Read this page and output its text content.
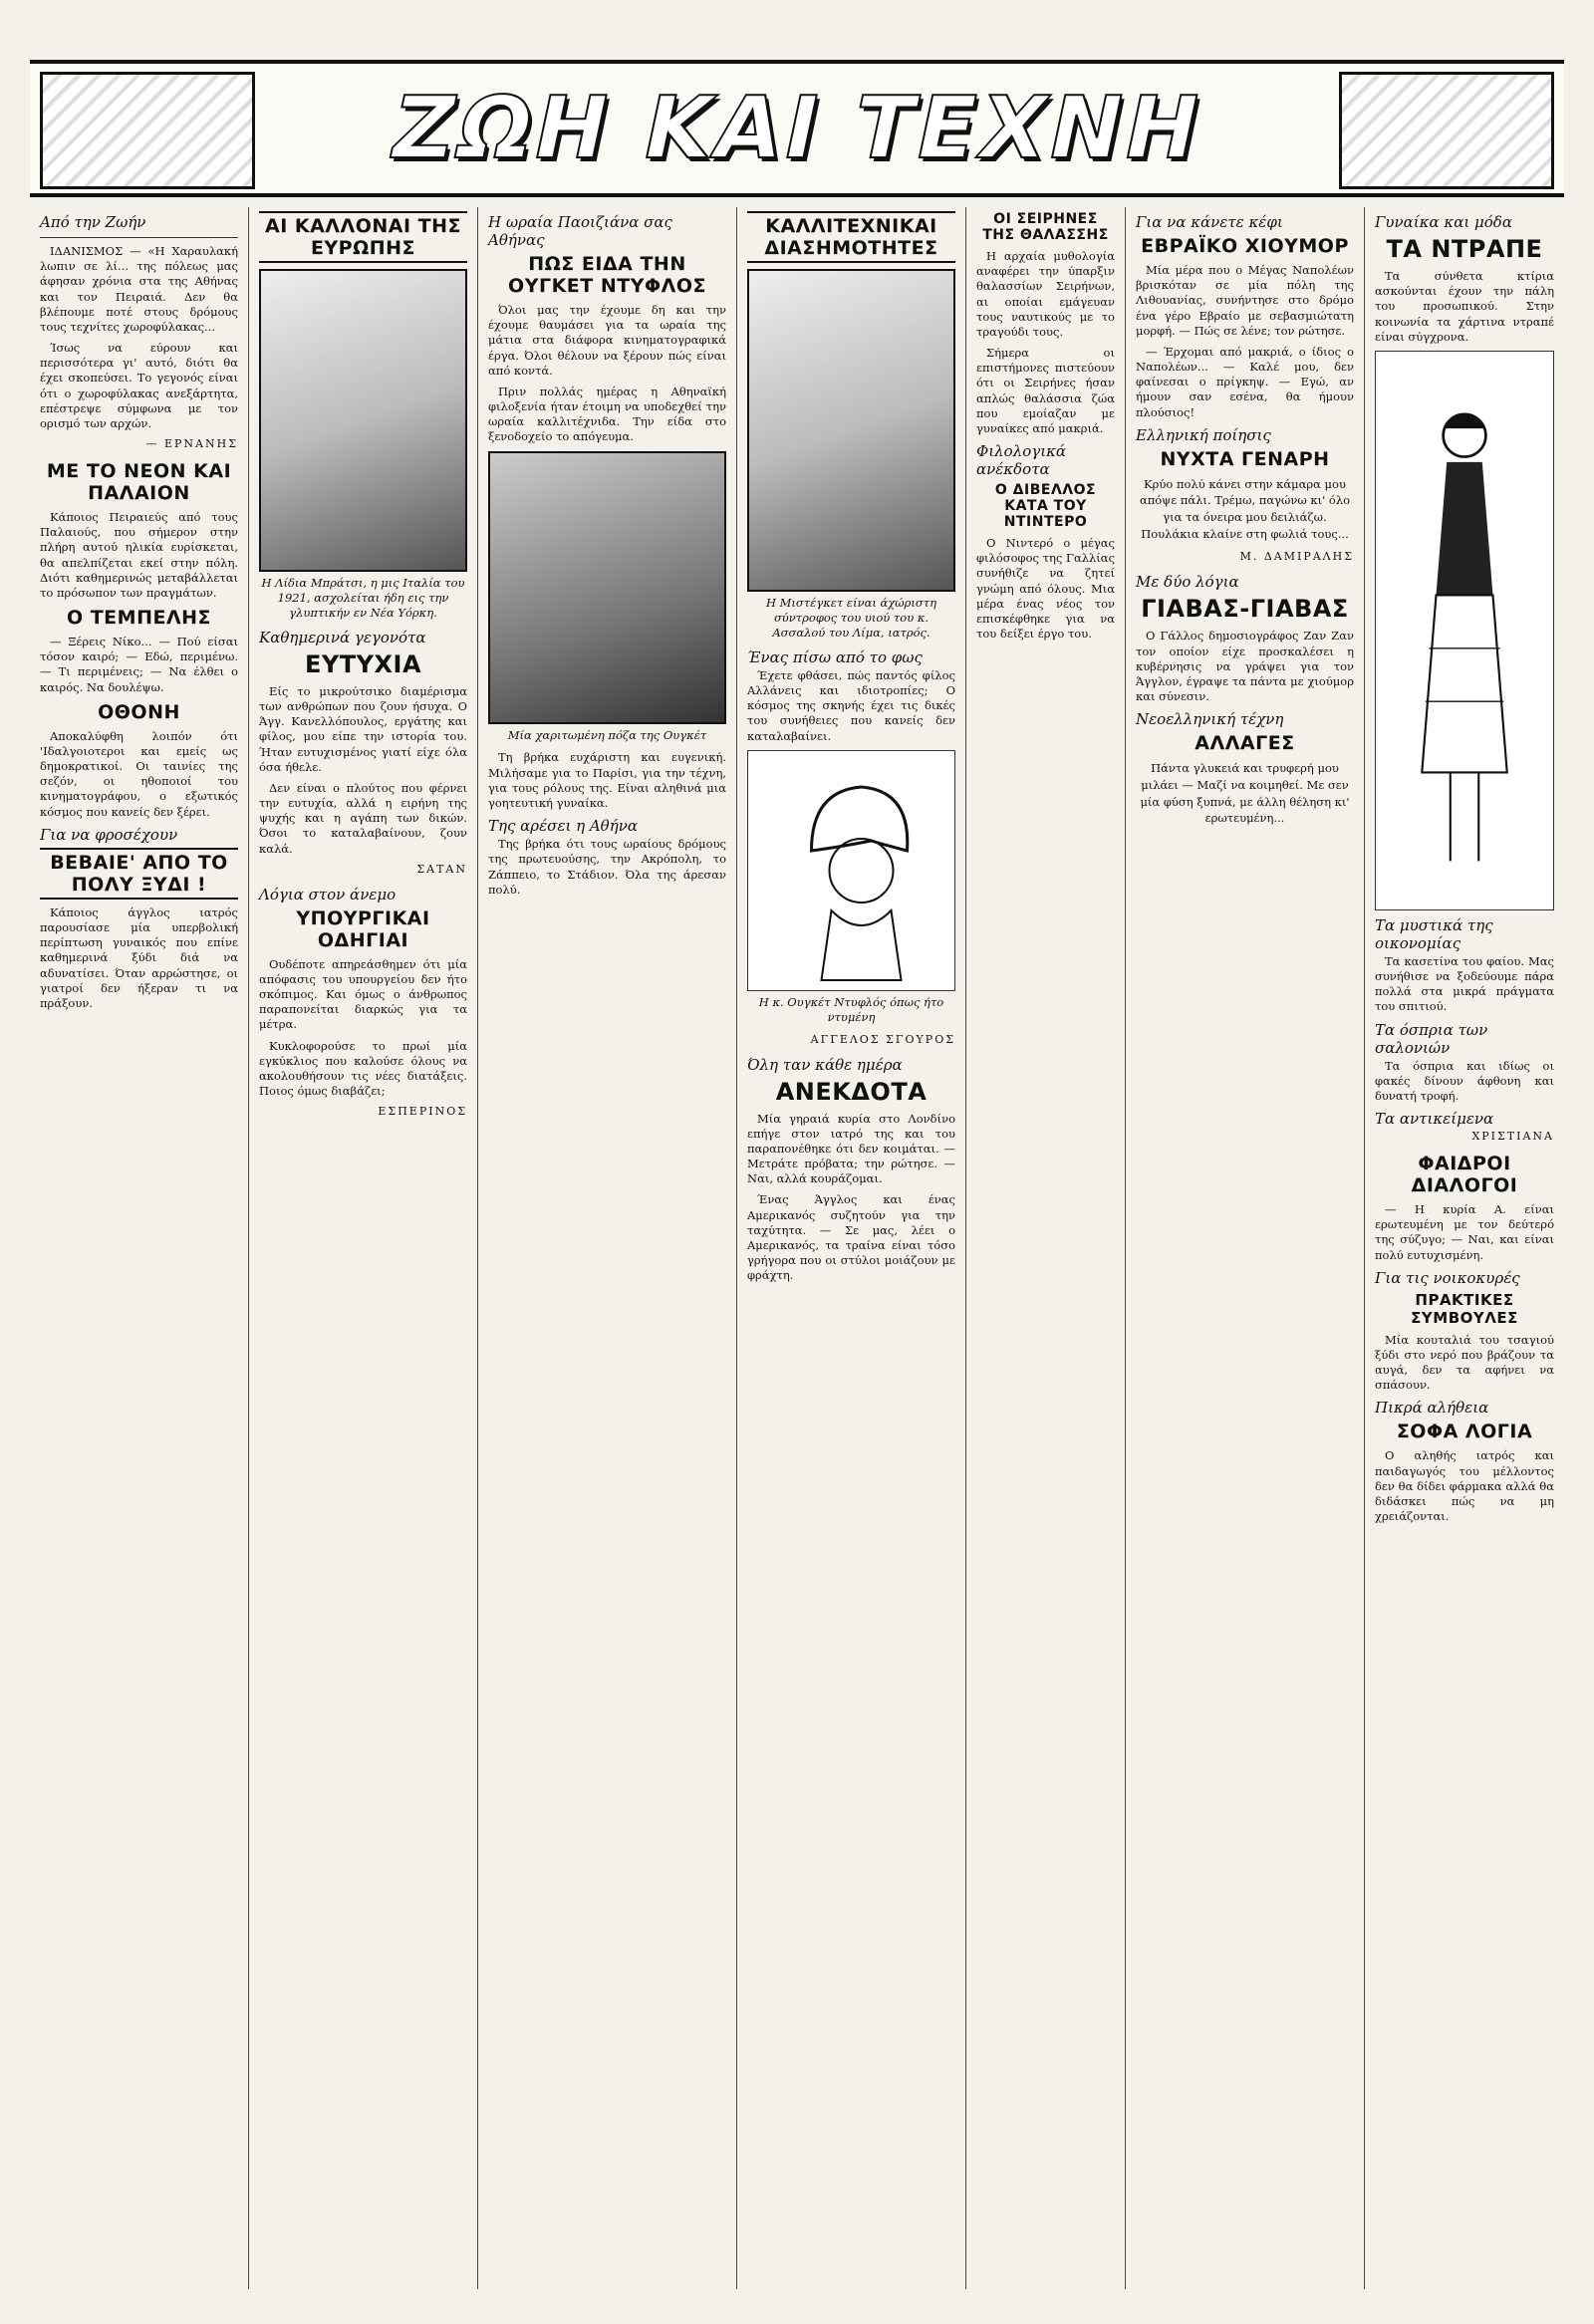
ΖΩΗ ΚΑΙ ΤΕΧΝΗ
Από την Ζωήν

ΙΔΑΝΙΣΜΟΣ — «Η Χαραυλακή λωπιν σε λί... της πόλεως μας άφησαν χρόνια στα της Αθήνας και τον Πειραιά. Δεν θα βλέπουμε ποτέ στους δρόμους τους τεχνίτες χωροφύλακας...

Ίσως να εύρουν και περισσότερα γι' αυτό, διότι θα έχει σκοπεύσει. Το γεγονός είναι ότι ο χωροφύλακας ανεξάρτητα, επέστρεψε σύμφωνα με τον ορισμό των αρχών.

— ΕΡΝΑΝΗΣ
ΜΕ ΤΟ ΝΕΟΝ ΚΑΙ ΠΑΛΑΙΟΝ

Κάποιος Πειραιεύς από τους Παλαιούς, που σήμερον στην πλήρη αυτού ηλικία ευρίσκεται, θα απελπίζεται εκεί στην πόλη. Διότι καθημερινώς μεταβάλλεται το πρόσωπον των πραγμάτων.

Ο ΤΕΜΠΕΛΗΣ

— Ξέρεις Νίκο... — Πού είσαι τόσον καιρό; — Εδώ, περιμένω. — Τι περιμένεις; — Να έλθει ο καιρός. Να δουλέψω.

ΟΘΟΝΗ

Αποκαλύφθη λοιπόν ότι 'Ιδαλγοιοτεροι και εμείς ως δημοκρατικοί. Οι ταινίες της σεζόν, οι ηθοποιοί του κινηματογράφου, ο εξωτικός κόσμος που κανείς δεν ξέρει.

Για να φροσέχουν
ΒΕΒΑΙΕ' ΑΠΟ ΤΟ ΠΟΛΥ ΞΥΔΙ !

Κάποιος άγγλος ιατρός παρουσίασε μία υπερβολική περίπτωση γυναικός που επίνε καθημερινά ξύδι διά να αδυνατίσει. Όταν αρρώστησε, οι γιατροί δεν ήξεραν τι να πράξουν.

ΑΙ ΚΑΛΛΟΝΑΙ ΤΗΣ ΕΥΡΩΠΗΣ
Η Λίδια Μπράτσι, η μις Ιταλία του 1921, ασχολείται ήδη εις την γλυπτικήν εν Νέα Υόρκη.
Καθημερινά γεγονότα
ΕΥΤΥΧΙΑ

Είς το μικρούτσικο διαμέρισμα των ανθρώπων που ζουν ήσυχα. Ο Άγγ. Κανελλόπουλος, εργάτης και φίλος, μου είπε την ιστορία του. Ήταν ευτυχισμένος γιατί είχε όλα όσα ήθελε.

Δεν είναι ο πλούτος που φέρνει την ευτυχία, αλλά η ειρήνη της ψυχής και η αγάπη των δικών. Όσοι το καταλαβαίνουν, ζουν καλά.

ΣΑΤΑΝ
Λόγια στον άνεμο
ΥΠΟΥΡΓΙΚΑΙ ΟΔΗΓΙΑΙ

Ουδέποτε απηρεάσθημεν ότι μία απόφασις του υπουργείου δεν ήτο σκόπιμος. Και όμως ο άνθρωπος παραπονείται διαρκώς για τα μέτρα.

Κυκλοφορούσε το πρωί μία εγκύκλιος που καλούσε όλους να ακολουθήσουν τις νέες διατάξεις. Ποιος όμως διαβάζει;

ΕΣΠΕΡΙΝΟΣ
Η ωραία Παοιζιάνα σας Αθήνας
ΠΩΣ ΕΙΔΑ ΤΗΝ ΟΥΓΚΕΤ ΝΤΥΦΛΟΣ

Όλοι μας την έχουμε δη και την έχουμε θαυμάσει για τα ωραία της μάτια στα διάφορα κινηματογραφικά έργα. Όλοι θέλουν να ξέρουν πώς είναι από κοντά.

Πριν πολλάς ημέρας η Αθηναϊκή φιλοξενία ήταν έτοιμη να υποδεχθεί την ωραία καλλιτέχνιδα. Την είδα στο ξενοδοχείο το απόγευμα.

Μία χαριτωμένη πόζα της Ουγκέτ

Τη βρήκα ευχάριστη και ευγενική. Μιλήσαμε για το Παρίσι, για την τέχνη, για τους ρόλους της. Είναι αληθινά μια γοητευτική γυναίκα.

Της αρέσει η Αθήνα

Της βρήκα ότι τους ωραίους δρόμους της πρωτευούσης, την Ακρόπολη, το Ζάππειο, το Στάδιον. Όλα της άρεσαν πολύ.

ΚΑΛΛΙΤΕΧΝΙΚΑΙ ΔΙΑΣΗΜΟΤΗΤΕΣ
Η Μιστέγκετ είναι άχώριστη σύντροφος του υιού του κ. Ασσαλού του Λίμα, ιατρός.
Ένας πίσω από το φως

Έχετε φθάσει, πώς παντός φίλος Αλλάνεις και ιδιοτροπίες; Ο κόσμος της σκηνής έχει τις δικές του συνήθειες που κανείς δεν καταλαβαίνει.

Η κ. Ουγκέτ Ντυφλός όπως ήτο ντυμένη
ΑΓΓΕΛΟΣ ΣΓΟΥΡΟΣ
Όλη ταν κάθε ημέρα
ΑΝΕΚΔΟΤΑ

Μία γηραιά κυρία στο Λονδίνο επήγε στον ιατρό της και του παραπονέθηκε ότι δεν κοιμάται. — Μετράτε πρόβατα; την ρώτησε. — Ναι, αλλά κουράζομαι.

Ένας Άγγλος και ένας Αμερικανός συζητούν για την ταχύτητα. — Σε μας, λέει ο Αμερικανός, τα τραίνα είναι τόσο γρήγορα που οι στύλοι μοιάζουν με φράχτη.

ΟΙ ΣΕΙΡΗΝΕΣ ΤΗΣ ΘΑΛΑΣΣΗΣ

Η αρχαία μυθολογία αναφέρει την ύπαρξιν θαλασσίων Σειρήνων, αι οποίαι εμάγευαν τους ναυτικούς με το τραγούδι τους.

Σήμερα οι επιστήμονες πιστεύουν ότι οι Σειρήνες ήσαν απλώς θαλάσσια ζώα που εμοίαζαν με γυναίκες από μακριά.

Φιλολογικά ανέκδοτα
Ο ΔΙΒΕΛΛΟΣ ΚΑΤΑ ΤΟΥ ΝΤΙΝΤΕΡΟ

Ο Νιντερό ο μέγας φιλόσοφος της Γαλλίας συνήθιζε να ζητεί γνώμη από όλους. Μια μέρα ένας νέος τον επισκέφθηκε για να του δείξει έργο του.

Για να κάνετε κέφι
ΕΒΡΑΪΚΟ ΧΙΟΥΜΟΡ

Μία μέρα που ο Μέγας Ναπολέων βρισκόταν σε μία πόλη της Λιθουανίας, συνήντησε στο δρόμο ένα γέρο Εβραίο με σεβασμιώτατη μορφή. — Πώς σε λένε; τον ρώτησε.

— Έρχομαι από μακριά, ο ίδιος ο Ναπολέων... — Καλέ μου, δεν φαίνεσαι ο πρίγκηψ. — Εγώ, αν ήμουν σαν εσένα, θα ήμουν πλούσιος!

Ελληνική ποίησις
ΝΥΧΤΑ ΓΕΝΑΡΗ
Κρύο πολύ κάνει στην κάμαρα μου απόψε πάλι. Τρέμω, παγώνω κι' όλο για τα όνειρα μου δειλιάζω. Πουλάκια κλαίνε στη φωλιά τους...
Μ. ΔΑΜΙΡΑΛΗΣ
Με δύο λόγια
ΓΙΑΒΑΣ-ΓΙΑΒΑΣ

Ο Γάλλος δημοσιογράφος Ζαν Ζαν τον οποίον είχε προσκαλέσει η κυβέρνησις να γράψει για τον Άγγλον, έγραψε τα πάντα με χιούμορ και σύνεσιν.

Νεοελληνική τέχνη
ΑΛΛΑΓΕΣ
Πάντα γλυκειά και τρυφερή μου μιλάει — Μαζί να κοιμηθεί. Με σεν μία φύση ξυπνά, με άλλη θέληση κι' ερωτευμένη...
Γυναίκα και μόδα
ΤΑ ΝΤΡΑΠΕ

Τα σύνθετα κτίρια ασκούνται έχουν την πάλη του προσωπικού. Στην κοινωνία τα χάρτινα ντραπέ είναι σύγχρονα.

Τα μυστικά της οικονομίας

Τα κασετίνα του φαίου. Μας συνήθισε να ξοδεύουμε πάρα πολλά στα μικρά πράγματα του σπιτιού.

Τα όσπρια των σαλονιών

Τα όσπρια και ιδίως οι φακές δίνουν άφθονη και δυνατή τροφή.

Τα αντικείμενα
ΧΡΙΣΤΙΑΝΑ
ΦΑΙΔΡΟΙ ΔΙΑΛΟΓΟΙ

— Η κυρία Α. είναι ερωτευμένη με τον δεύτερό της σύζυγο; — Ναι, και είναι πολύ ευτυχισμένη.

Για τις νοικοκυρές
ΠΡΑΚΤΙΚΕΣ ΣΥΜΒΟΥΛΕΣ

Μία κουταλιά του τσαγιού ξύδι στο νερό που βράζουν τα αυγά, δεν τα αφήνει να σπάσουν.

Πικρά αλήθεια
ΣΟΦΑ ΛΟΓΙΑ

Ο αληθής ιατρός και παιδαγωγός του μέλλοντος δεν θα δίδει φάρμακα αλλά θα διδάσκει πώς να μη χρειάζονται.
